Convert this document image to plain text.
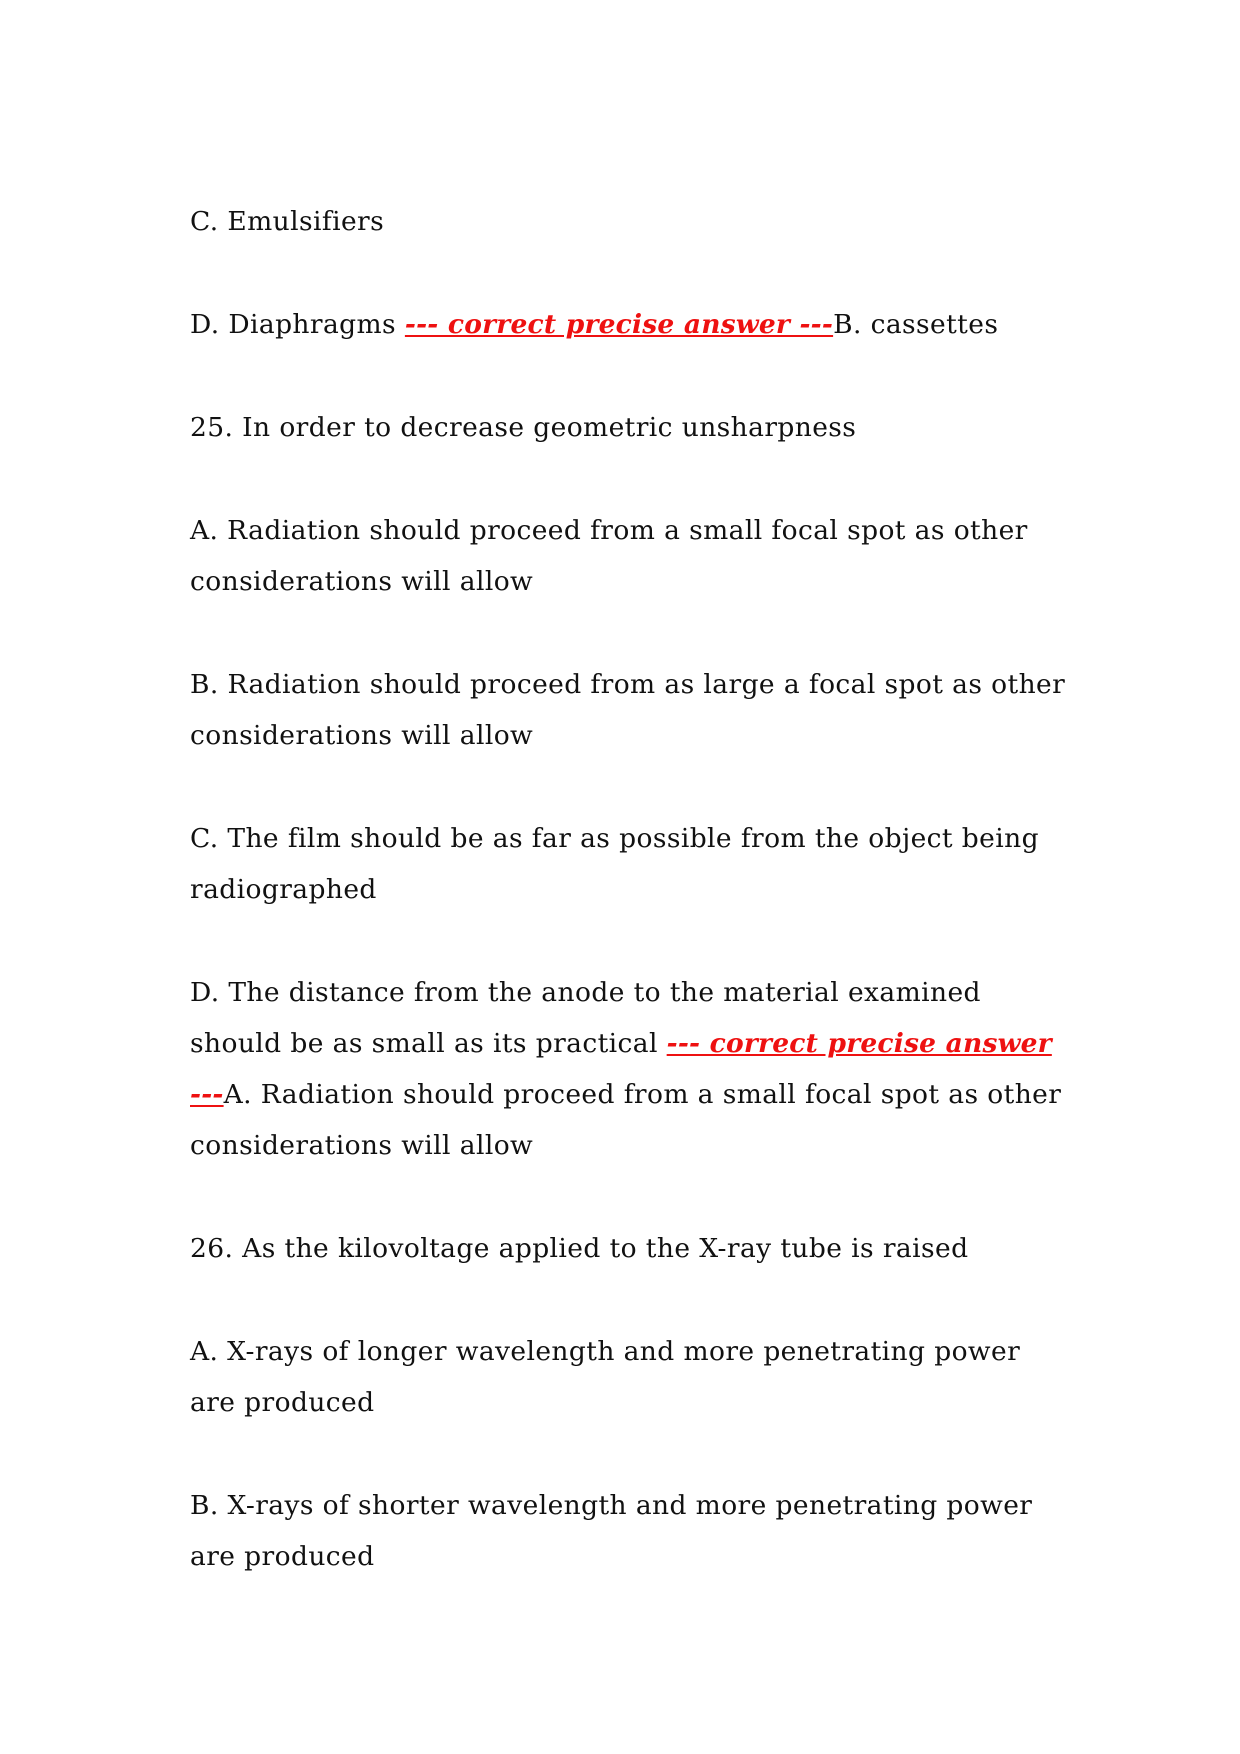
C. Emulsifiers

D. Diaphragms --- correct precise answer ---B. cassettes

25. In order to decrease geometric unsharpness

A. Radiation should proceed from a small focal spot as other considerations will allow

B. Radiation should proceed from as large a focal spot as other considerations will allow

C. The film should be as far as possible from the object being radiographed

D. The distance from the anode to the material examined should be as small as its practical --- correct precise answer ---A. Radiation should proceed from a small focal spot as other considerations will allow

26. As the kilovoltage applied to the X-ray tube is raised

A. X-rays of longer wavelength and more penetrating power are produced

B. X-rays of shorter wavelength and more penetrating power are produced
